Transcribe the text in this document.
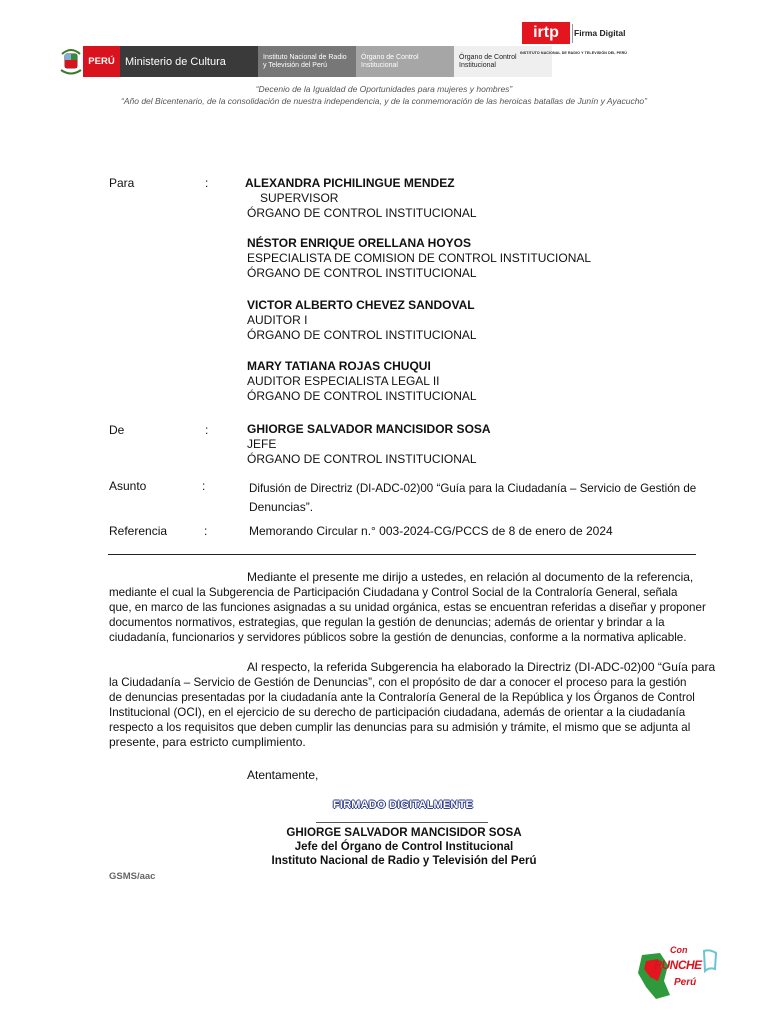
PERÚ Ministerio de Cultura	Instituto Nacional de Radio y Televisión del Perú
Órgano de Control Institucional
Órgano de Control Institucional
irtp	Firma Digital
INSTITUTO NACIONAL DE RADIO Y TELEVISIÓN DEL PERÚ
“Decenio de la Igualdad de Oportunidades para mujeres y hombres”
“Año del Bicentenario, de la consolidación de nuestra independencia, y de la conmemoración de las heroicas batallas de Junín y Ayacucho”
Para	:	ALEXANDRA PICHILINGUE MENDEZ
SUPERVISOR
ÓRGANO DE CONTROL INSTITUCIONAL
NÉSTOR ENRIQUE ORELLANA HOYOS
ESPECIALISTA DE COMISION DE CONTROL INSTITUCIONAL
ÓRGANO DE CONTROL INSTITUCIONAL
VICTOR ALBERTO CHEVEZ SANDOVAL
AUDITOR I
ÓRGANO DE CONTROL INSTITUCIONAL
MARY TATIANA ROJAS CHUQUI
AUDITOR ESPECIALISTA LEGAL II
ÓRGANO DE CONTROL INSTITUCIONAL
De	:	GHIORGE SALVADOR MANCISIDOR SOSA
JEFE
ÓRGANO DE CONTROL INSTITUCIONAL
Asunto	:	Difusión de Directriz (DI-ADC-02)00 “Guía para la Ciudadanía – Servicio de Gestión de
Denuncias”.
Referencia	:	Memorando Circular n.° 003-2024-CG/PCCS de 8 de enero de 2024
Mediante el presente me dirijo a ustedes, en relación al documento de la referencia,
mediante el cual la Subgerencia de Participación Ciudadana y Control Social de la Contraloría General, señala
que, en marco de las funciones asignadas a su unidad orgánica, estas se encuentran referidas a diseñar y proponer
documentos normativos, estrategias, que regulan la gestión de denuncias; además de orientar y brindar a la
ciudadanía, funcionarios y servidores públicos sobre la gestión de denuncias, conforme a la normativa aplicable.
Al respecto, la referida Subgerencia ha elaborado la Directriz (DI-ADC-02)00 “Guía para
la Ciudadanía – Servicio de Gestión de Denuncias”, con el propósito de dar a conocer el proceso para la gestión
de denuncias presentadas por la ciudadanía ante la Contraloría General de la República y los Órganos de Control
Institucional (OCI), en el ejercicio de su derecho de participación ciudadana, además de orientar a la ciudadanía
respecto a los requisitos que deben cumplir las denuncias para su admisión y trámite, el mismo que se adjunta al
presente, para estricto cumplimiento.
Atentamente,
FIRMADO DIGITALMENTE
GHIORGE SALVADOR MANCISIDOR SOSA
Jefe del Órgano de Control Institucional
Instituto Nacional de Radio y Televisión del Perú
GSMS/aac
Con
PUNCHE
Perú
